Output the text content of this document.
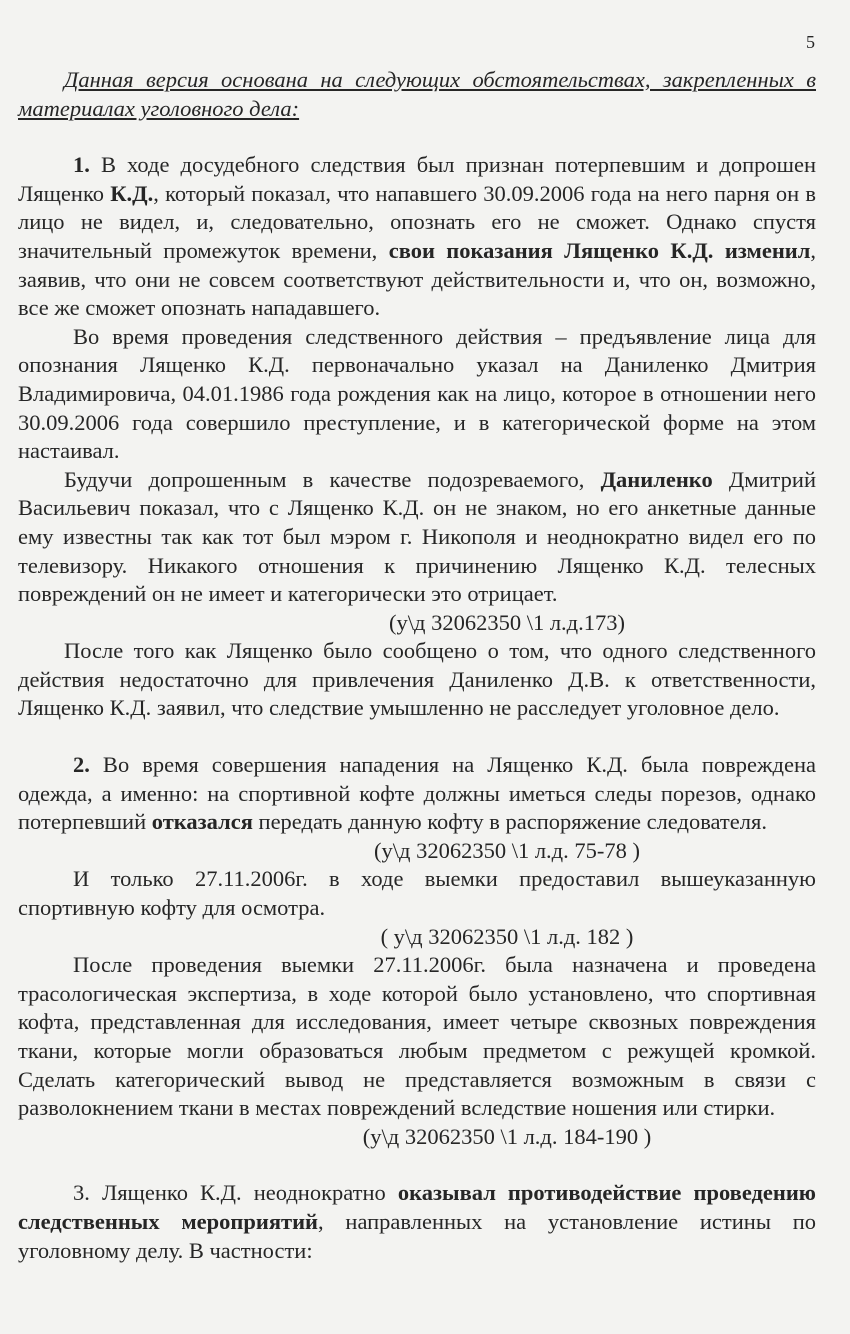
5

Данная версия основана на следующих обстоятельствах, закрепленных в материалах уголовного дела:

1. В ходе досудебного следствия был признан потерпевшим и допрошен Лященко К.Д., который показал, что напавшего 30.09.2006 года на него парня он в лицо не видел, и, следовательно, опознать его не сможет. Однако спустя значительный промежуток времени, свои показания Лященко К.Д. изменил, заявив, что они не совсем соответствуют действительности и, что он, возможно, все же сможет опознать нападавшего.

Во время проведения следственного действия – предъявление лица для опознания Лященко К.Д. первоначально указал на Даниленко Дмитрия Владимировича, 04.01.1986 года рождения как на лицо, которое в отношении него 30.09.2006 года совершило преступление, и в категорической форме на этом настаивал.

Будучи допрошенным в качестве подозреваемого, Даниленко Дмитрий Васильевич показал, что с Лященко К.Д. он не знаком, но его анкетные данные ему известны так как тот был мэром г. Никополя и неоднократно видел его по телевизору. Никакого отношения к причинению Лященко К.Д. телесных повреждений он не имеет и категорически это отрицает.

(у\д 32062350 \1 л.д.173)

После того как Лященко было сообщено о том, что одного следственного действия недостаточно для привлечения Даниленко Д.В. к ответственности, Лященко К.Д. заявил, что следствие умышленно не расследует уголовное дело.

2. Во время совершения нападения на Лященко К.Д. была повреждена одежда, а именно: на спортивной кофте должны иметься следы порезов, однако потерпевший отказался передать данную кофту в распоряжение следователя.

(у\д 32062350 \1 л.д. 75-78 )

И только 27.11.2006г. в ходе выемки предоставил вышеуказанную спортивную кофту для осмотра.

( у\д 32062350 \1 л.д. 182 )

После проведения выемки 27.11.2006г. была назначена и проведена трасологическая экспертиза, в ходе которой было установлено, что спортивная кофта, представленная для исследования, имеет четыре сквозных повреждения ткани, которые могли образоваться любым предметом с режущей кромкой. Сделать категорический вывод не представляется возможным в связи с разволокнением ткани в местах повреждений вследствие ношения или стирки.

(у\д 32062350 \1 л.д. 184-190 )

3. Лященко К.Д. неоднократно оказывал противодействие проведению следственных мероприятий, направленных на установление истины по уголовному делу. В частности:
